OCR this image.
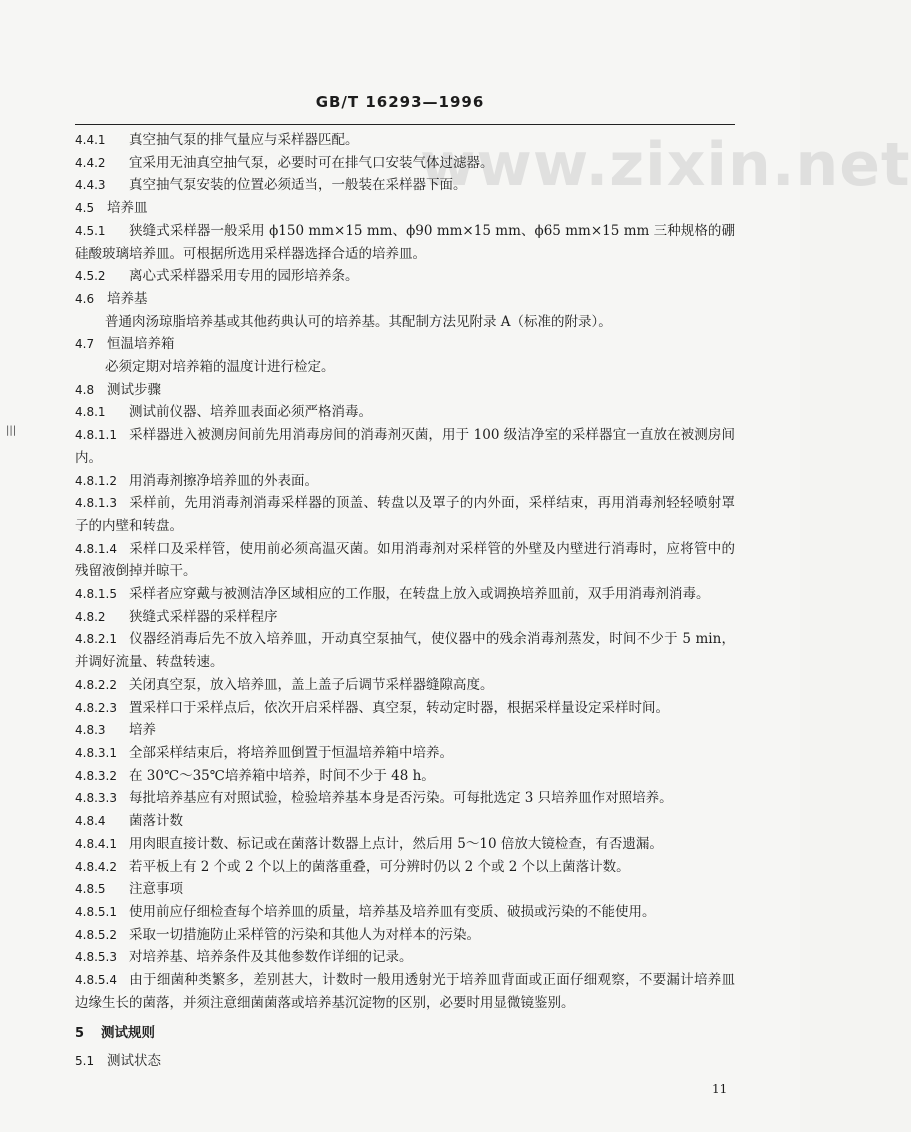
GB/T 16293—1996
www.zixin.net
|||
4.4.1 真空抽气泵的排气量应与采样器匹配。
4.4.2 宜采用无油真空抽气泵，必要时可在排气口安装气体过滤器。
4.4.3 真空抽气泵安装的位置必须适当，一般装在采样器下面。
4.5 培养皿
4.5.1 狭缝式采样器一般采用 ϕ150 mm×15 mm、ϕ90 mm×15 mm、ϕ65 mm×15 mm 三种规格的硼硅酸玻璃培养皿。可根据所选用采样器选择合适的培养皿。
4.5.2 离心式采样器采用专用的园形培养条。
4.6 培养基
普通肉汤琼脂培养基或其他药典认可的培养基。其配制方法见附录 A（标准的附录）。
4.7 恒温培养箱
必须定期对培养箱的温度计进行检定。
4.8 测试步骤
4.8.1 测试前仪器、培养皿表面必须严格消毒。
4.8.1.1 采样器进入被测房间前先用消毒房间的消毒剂灭菌，用于 100 级洁净室的采样器宜一直放在被测房间内。
4.8.1.2 用消毒剂擦净培养皿的外表面。
4.8.1.3 采样前，先用消毒剂消毒采样器的顶盖、转盘以及罩子的内外面，采样结束，再用消毒剂轻轻喷射罩子的内壁和转盘。
4.8.1.4 采样口及采样管，使用前必须高温灭菌。如用消毒剂对采样管的外壁及内壁进行消毒时，应将管中的残留液倒掉并晾干。
4.8.1.5 采样者应穿戴与被测洁净区域相应的工作服，在转盘上放入或调换培养皿前，双手用消毒剂消毒。
4.8.2 狭缝式采样器的采样程序
4.8.2.1 仪器经消毒后先不放入培养皿，开动真空泵抽气，使仪器中的残余消毒剂蒸发，时间不少于 5 min，并调好流量、转盘转速。
4.8.2.2 关闭真空泵，放入培养皿，盖上盖子后调节采样器缝隙高度。
4.8.2.3 置采样口于采样点后，依次开启采样器、真空泵，转动定时器，根据采样量设定采样时间。
4.8.3 培养
4.8.3.1 全部采样结束后，将培养皿倒置于恒温培养箱中培养。
4.8.3.2 在 30℃～35℃培养箱中培养，时间不少于 48 h。
4.8.3.3 每批培养基应有对照试验，检验培养基本身是否污染。可每批选定 3 只培养皿作对照培养。
4.8.4 菌落计数
4.8.4.1 用肉眼直接计数、标记或在菌落计数器上点计，然后用 5～10 倍放大镜检查，有否遗漏。
4.8.4.2 若平板上有 2 个或 2 个以上的菌落重叠，可分辨时仍以 2 个或 2 个以上菌落计数。
4.8.5 注意事项
4.8.5.1 使用前应仔细检查每个培养皿的质量，培养基及培养皿有变质、破损或污染的不能使用。
4.8.5.2 采取一切措施防止采样管的污染和其他人为对样本的污染。
4.8.5.3 对培养基、培养条件及其他参数作详细的记录。
4.8.5.4 由于细菌种类繁多，差别甚大，计数时一般用透射光于培养皿背面或正面仔细观察，不要漏计培养皿边缘生长的菌落，并须注意细菌菌落或培养基沉淀物的区别，必要时用显微镜鉴别。
5 测试规则
5.1 测试状态
11
